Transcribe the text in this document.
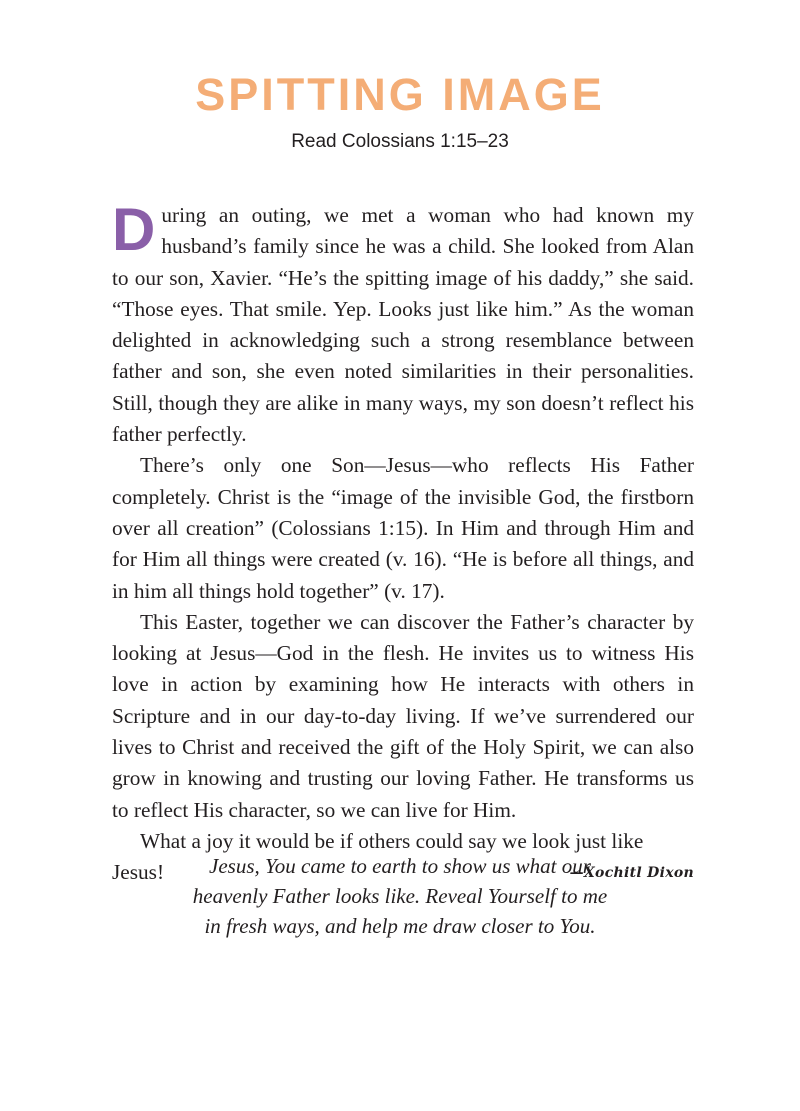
SPITTING IMAGE
Read Colossians 1:15–23

During an outing, we met a woman who had known my husband’s family since he was a child. She looked from Alan to our son, Xavier. “He’s the spitting image of his daddy,” she said. “Those eyes. That smile. Yep. Looks just like him.” As the woman delighted in acknowledging such a strong resemblance between father and son, she even noted similarities in their personalities. Still, though they are alike in many ways, my son doesn’t reflect his father perfectly.

There’s only one Son—Jesus—who reflects His Father completely. Christ is the “image of the invisible God, the firstborn over all creation” (Colossians 1:15). In Him and through Him and for Him all things were created (v. 16). “He is before all things, and in him all things hold together” (v. 17).

This Easter, together we can discover the Father’s character by looking at Jesus—God in the flesh. He invites us to witness His love in action by examining how He interacts with others in Scripture and in our day-to-day living. If we’ve surrendered our lives to Christ and received the gift of the Holy Spirit, we can also grow in knowing and trusting our loving Father. He transforms us to reflect His character, so we can live for Him.

What a joy it would be if others could say we look just like

Jesus!	—Xochitl Dixon
Jesus, You came to earth to show us what our
heavenly Father looks like. Reveal Yourself to me
in fresh ways, and help me draw closer to You.
